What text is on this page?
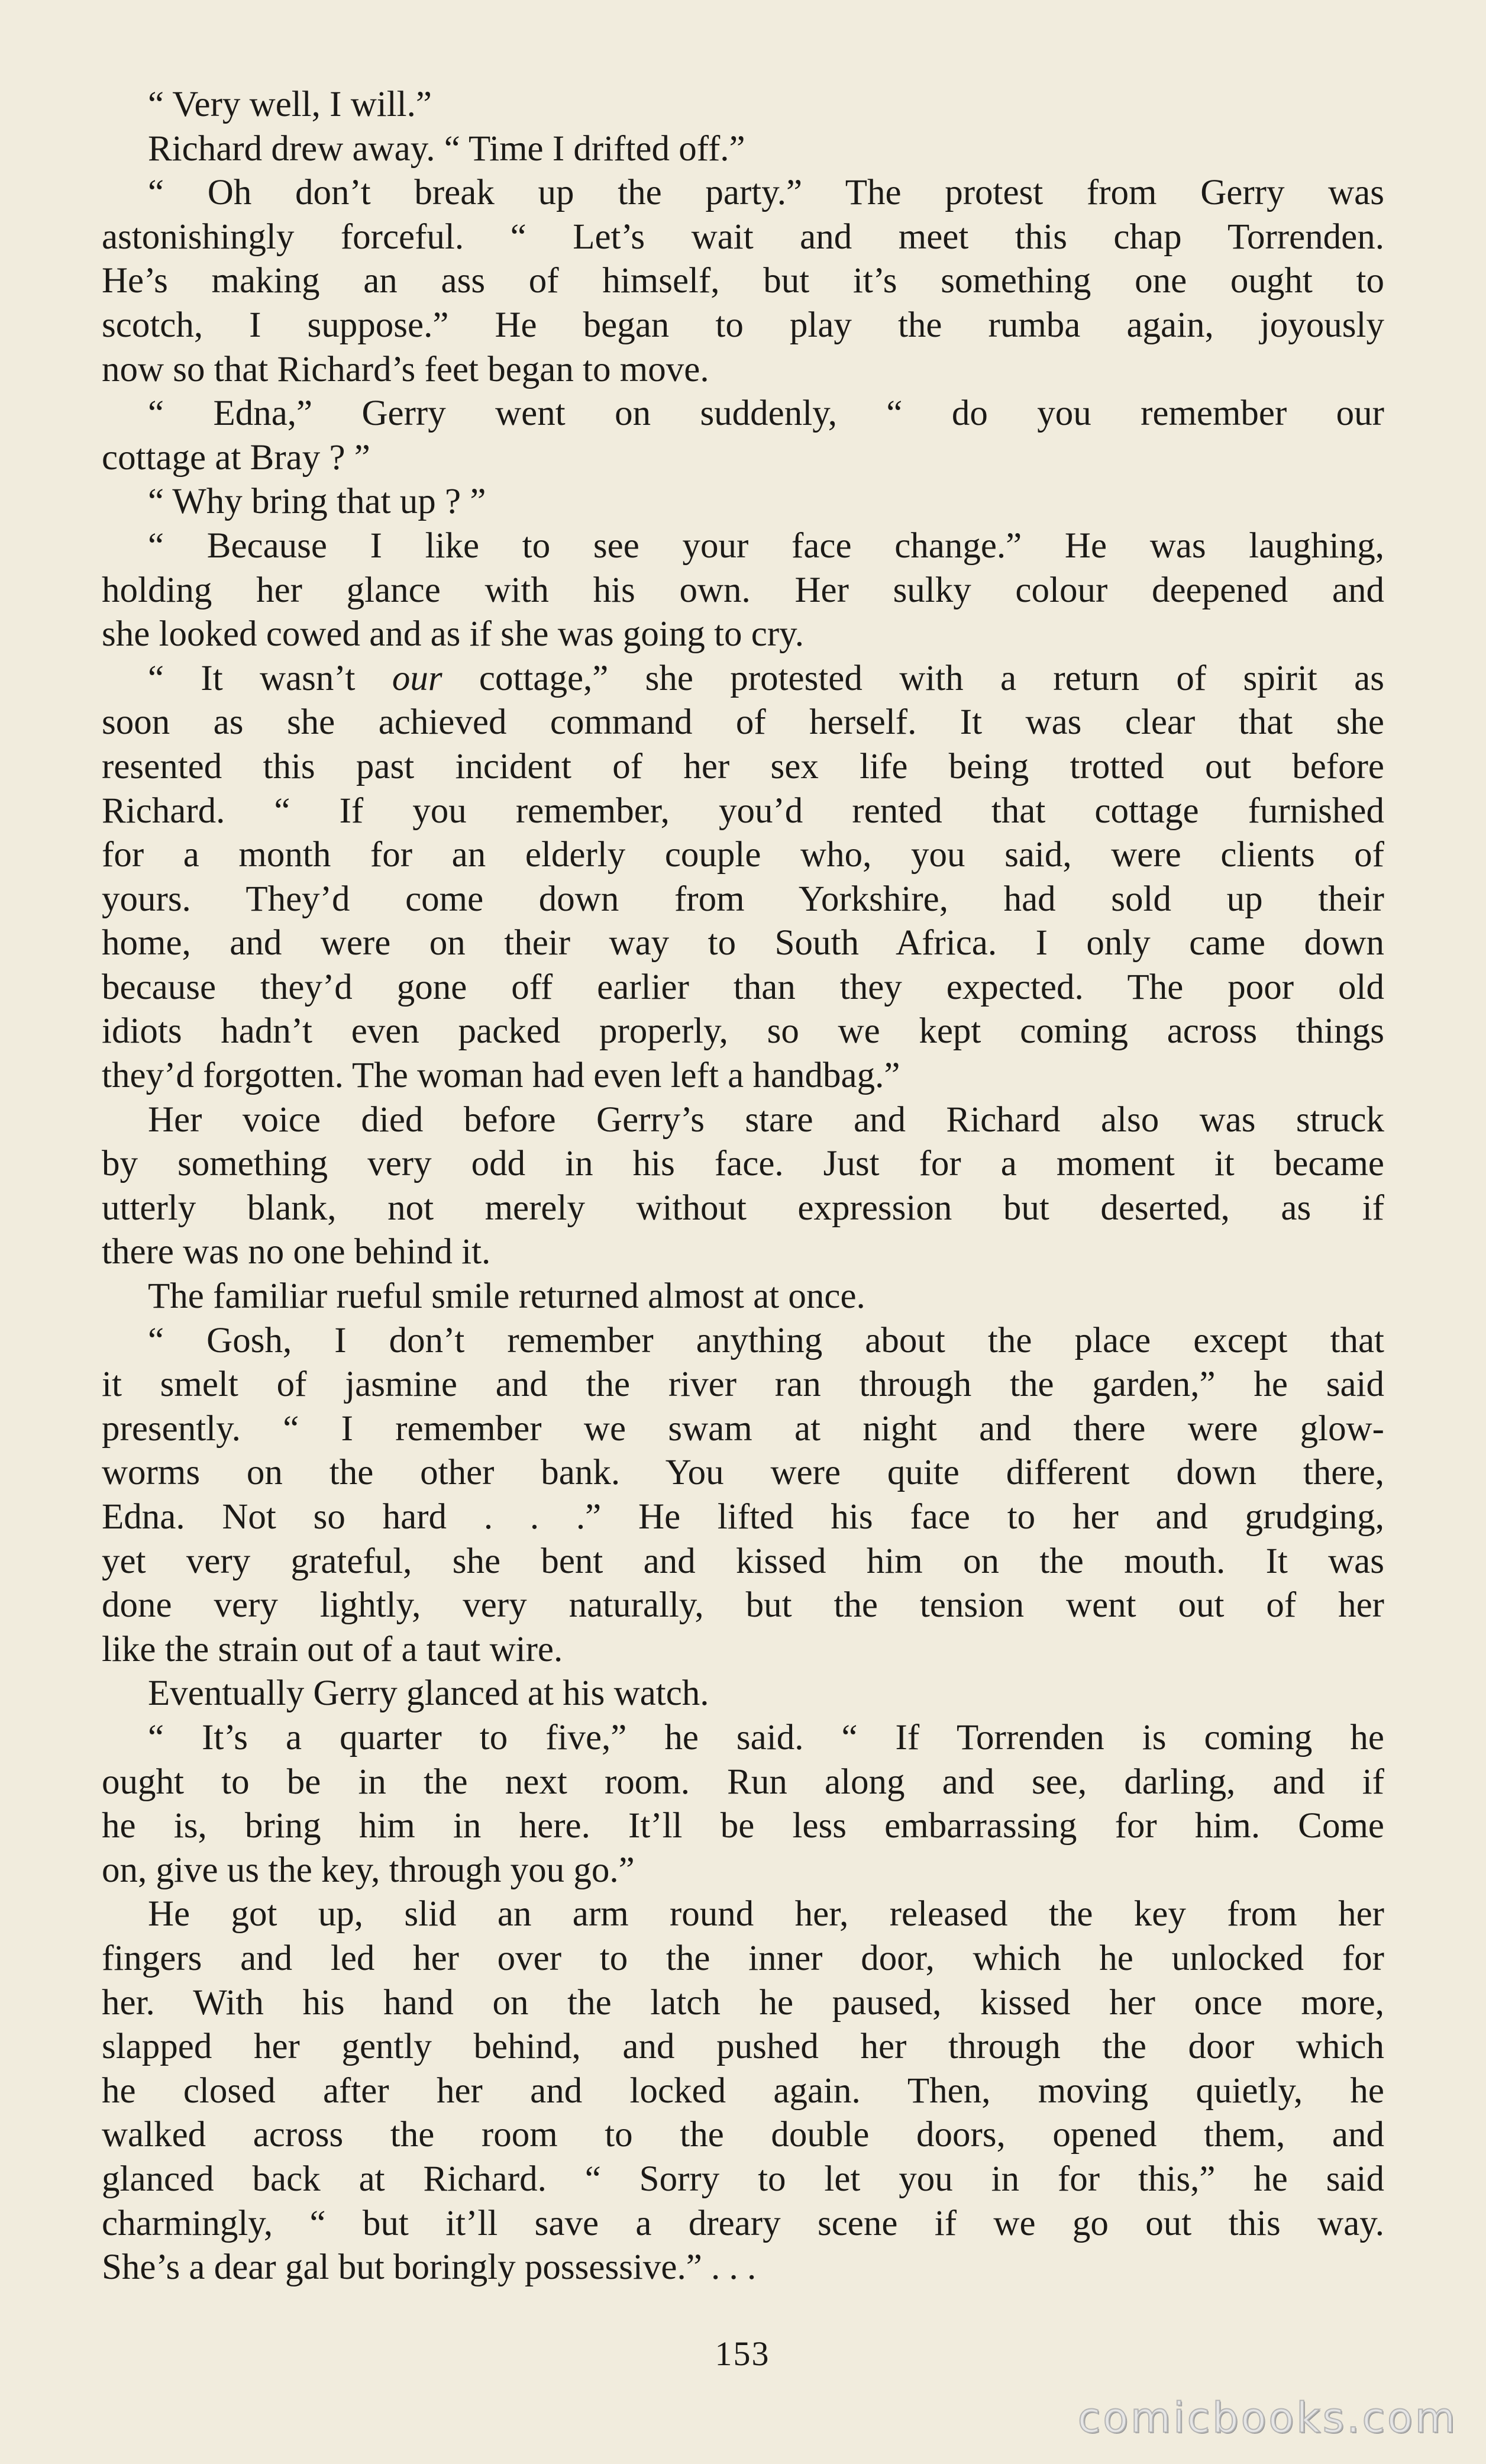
“ Very well, I will.”
Richard drew away. “ Time I drifted off.”
“ Oh don’t break up the party.” The protest from Gerry was
astonishingly forceful. “ Let’s wait and meet this chap Torrenden.
He’s making an ass of himself, but it’s something one ought to
scotch, I suppose.” He began to play the rumba again, joyously
now so that Richard’s feet began to move.
“ Edna,” Gerry went on suddenly, “ do you remember our
cottage at Bray ? ”
“ Why bring that up ? ”
“ Because I like to see your face change.” He was laughing,
holding her glance with his own. Her sulky colour deepened and
she looked cowed and as if she was going to cry.
“ It wasn’t our cottage,” she protested with a return of spirit as
soon as she achieved command of herself. It was clear that she
resented this past incident of her sex life being trotted out before
Richard. “ If you remember, you’d rented that cottage furnished
for a month for an elderly couple who, you said, were clients of
yours. They’d come down from Yorkshire, had sold up their
home, and were on their way to South Africa. I only came down
because they’d gone off earlier than they expected. The poor old
idiots hadn’t even packed properly, so we kept coming across things
they’d forgotten. The woman had even left a handbag.”
Her voice died before Gerry’s stare and Richard also was struck
by something very odd in his face. Just for a moment it became
utterly blank, not merely without expression but deserted, as if
there was no one behind it.
The familiar rueful smile returned almost at once.
“ Gosh, I don’t remember anything about the place except that
it smelt of jasmine and the river ran through the garden,” he said
presently. “ I remember we swam at night and there were glow-
worms on the other bank. You were quite different down there,
Edna. Not so hard . . .” He lifted his face to her and grudging,
yet very grateful, she bent and kissed him on the mouth. It was
done very lightly, very naturally, but the tension went out of her
like the strain out of a taut wire.
Eventually Gerry glanced at his watch.
“ It’s a quarter to five,” he said. “ If Torrenden is coming he
ought to be in the next room. Run along and see, darling, and if
he is, bring him in here. It’ll be less embarrassing for him. Come
on, give us the key, through you go.”
He got up, slid an arm round her, released the key from her
fingers and led her over to the inner door, which he unlocked for
her. With his hand on the latch he paused, kissed her once more,
slapped her gently behind, and pushed her through the door which
he closed after her and locked again. Then, moving quietly, he
walked across the room to the double doors, opened them, and
glanced back at Richard. “ Sorry to let you in for this,” he said
charmingly, “ but it’ll save a dreary scene if we go out this way.
She’s a dear gal but boringly possessive.” . . .
153
comicbooks.com
